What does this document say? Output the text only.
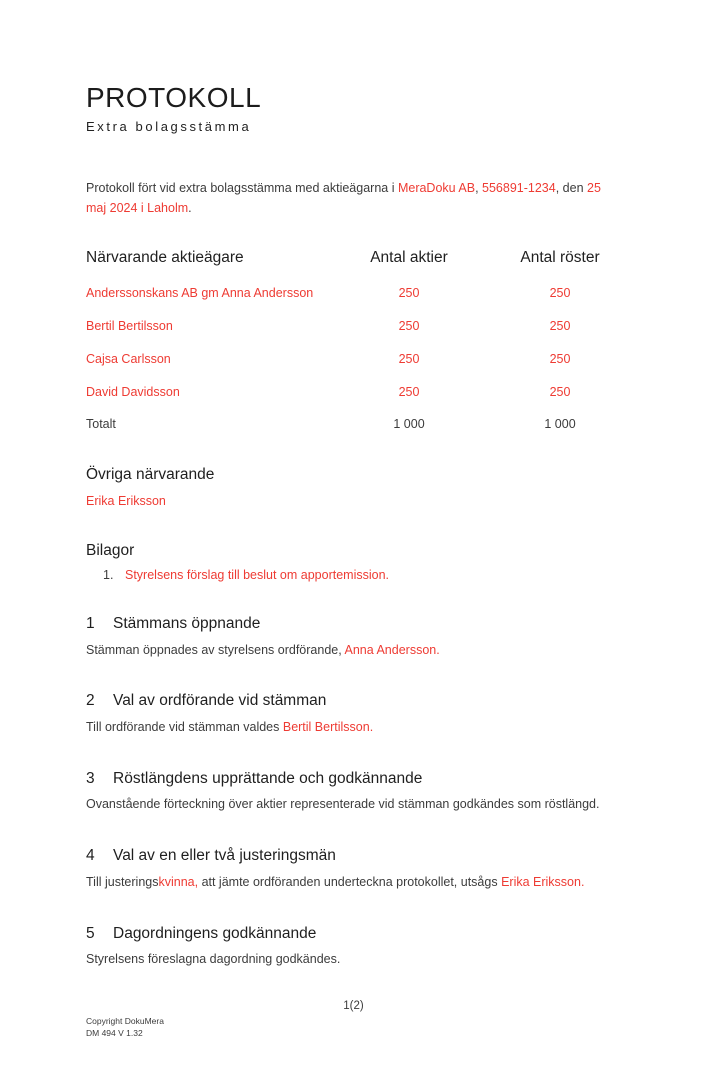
PROTOKOLL
Extra bolagsstämma

Protokoll fört vid extra bolagsstämma med aktieägarna i MeraDoku AB, 556891-1234, den 25 maj 2024 i Laholm.

Närvarande aktieägare	Antal aktier	Antal röster
Anderssonskans AB gm Anna Andersson	250	250
Bertil Bertilsson	250	250
Cajsa Carlsson	250	250
David Davidsson	250	250
Totalt	1 000	1 000
Övriga närvarande
Erika Eriksson
Bilagor
1. Styrelsens förslag till beslut om apportemission.
1 Stämmans öppnande

Stämman öppnades av styrelsens ordförande, Anna Andersson.

2 Val av ordförande vid stämman

Till ordförande vid stämman valdes Bertil Bertilsson.

3 Röstlängdens upprättande och godkännande

Ovanstående förteckning över aktier representerade vid stämman godkändes som röstlängd.

4 Val av en eller två justeringsmän

Till justeringskvinna, att jämte ordföranden underteckna protokollet, utsågs Erika Eriksson.

5 Dagordningens godkännande

Styrelsens föreslagna dagordning godkändes.

1(2)
Copyright DokuMera
DM 494 V 1.32
